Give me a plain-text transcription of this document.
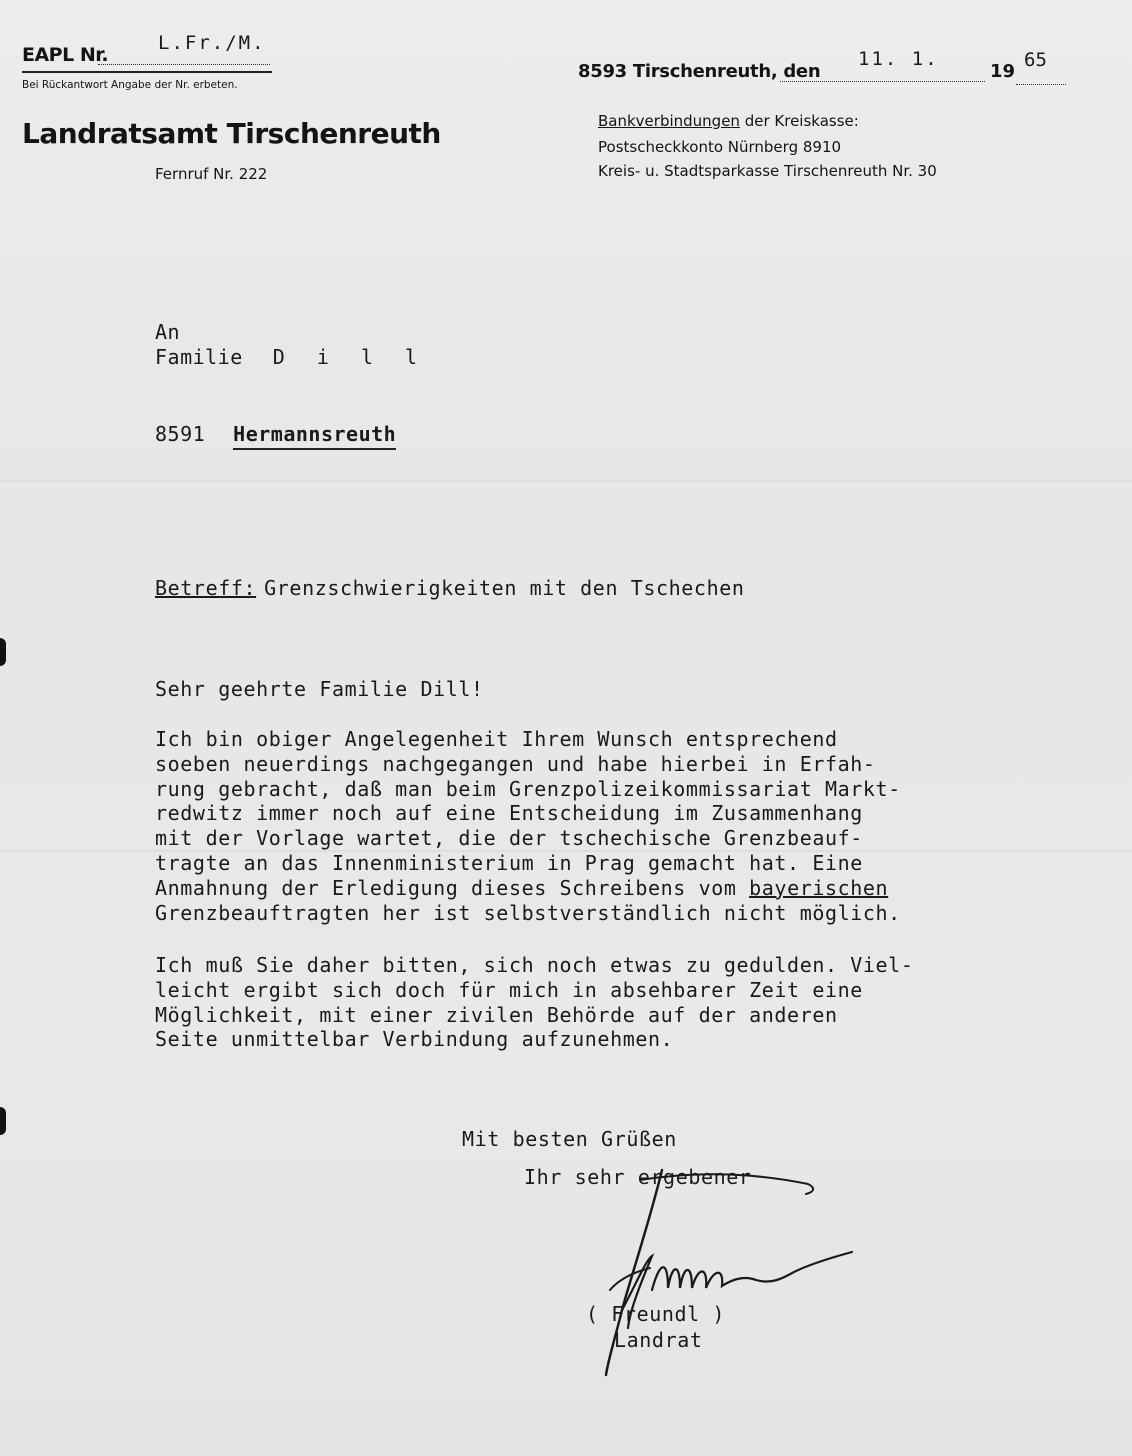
EAPL Nr.
L.Fr./M.
Bei Rückantwort Angabe der Nr. erbeten.
8593 Tirschenreuth, den
11. 1.
19
65
Landratsamt Tirschenreuth
Fernruf Nr. 222
Bankverbindungen der Kreiskasse:
Postscheckkonto Nürnberg 8910
Kreis- u. Stadtsparkasse Tirschenreuth Nr. 30
An
Familie D i l l
8591 Hermannsreuth
Betreff: Grenzschwierigkeiten mit den Tschechen
Sehr geehrte Familie Dill!
Ich bin obiger Angelegenheit Ihrem Wunsch entsprechend
soeben neuerdings nachgegangen und habe hierbei in Erfah-
rung gebracht, daß man beim Grenzpolizeikommissariat Markt-
redwitz immer noch auf eine Entscheidung im Zusammenhang
mit der Vorlage wartet, die der tschechische Grenzbeauf-
tragte an das Innenministerium in Prag gemacht hat. Eine
Anmahnung der Erledigung dieses Schreibens vom bayerischen
Grenzbeauftragten her ist selbstverständlich nicht möglich.
Ich muß Sie daher bitten, sich noch etwas zu gedulden. Viel-
leicht ergibt sich doch für mich in absehbarer Zeit eine
Möglichkeit, mit einer zivilen Behörde auf der anderen
Seite unmittelbar Verbindung aufzunehmen.
Mit besten Grüßen
Ihr sehr ergebener
( Freundl )
Landrat
